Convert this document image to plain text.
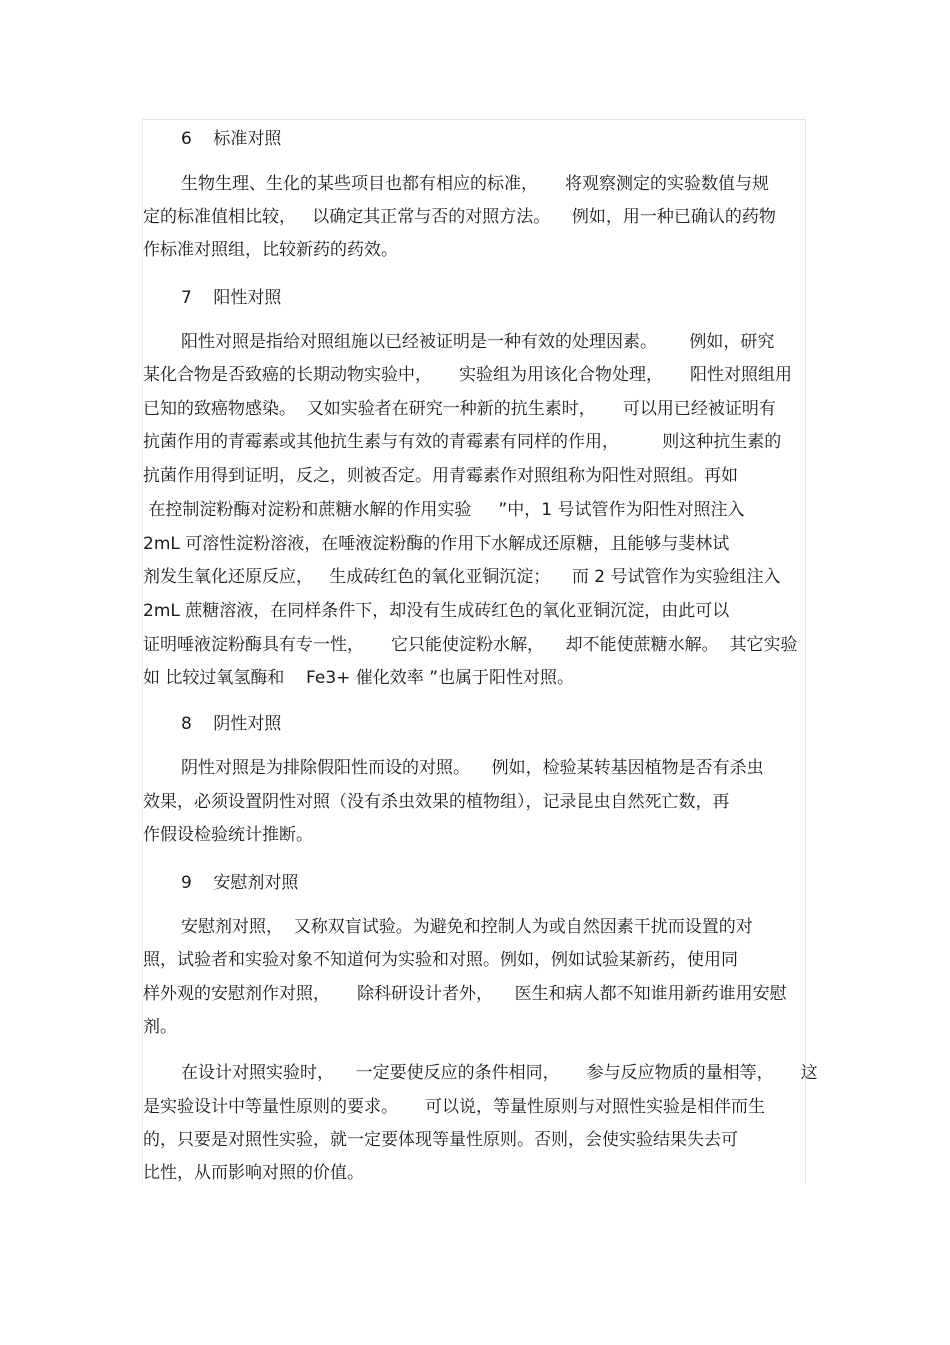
6    标准对照
生物生理、生化的某些项目也都有相应的标准，     将观察测定的实验数值与规
定的标准值相比较，   以确定其正常与否的对照方法。    例如，用一种已确认的药物
作标准对照组，比较新药的药效。
7    阳性对照
阳性对照是指给对照组施以已经被证明是一种有效的处理因素。      例如，研究
某化合物是否致癌的长期动物实验中，     实验组为用该化合物处理，     阳性对照组用
已知的致癌物感染。  又如实验者在研究一种新的抗生素时，     可以用已经被证明有
抗菌作用的青霉素或其他抗生素与有效的青霉素有同样的作用，        则这种抗生素的
抗菌作用得到证明，反之，则被否定。用青霉素作对照组称为阳性对照组。再如
在控制淀粉酶对淀粉和蔗糖水解的作用实验     ”中，1 号试管作为阳性对照注入
2mL 可溶性淀粉溶液，在唾液淀粉酶的作用下水解成还原糖，且能够与斐林试
剂发生氧化还原反应，   生成砖红色的氧化亚铜沉淀；    而 2 号试管作为实验组注入
2mL 蔗糖溶液，在同样条件下，却没有生成砖红色的氧化亚铜沉淀，由此可以
证明唾液淀粉酶具有专一性，     它只能使淀粉水解，    却不能使蔗糖水解。  其它实验
如 比较过氧氢酶和    Fe3+ 催化效率 ”也属于阳性对照。
8    阴性对照
阴性对照是为排除假阳性而设的对照。    例如，检验某转基因植物是否有杀虫
效果，必须设置阴性对照（没有杀虫效果的植物组），记录昆虫自然死亡数，再
作假设检验统计推断。
9    安慰剂对照
安慰剂对照，  又称双盲试验。为避免和控制人为或自然因素干扰而设置的对
照，试验者和实验对象不知道何为实验和对照。例如，例如试验某新药，使用同
样外观的安慰剂作对照，     除科研设计者外，    医生和病人都不知谁用新药谁用安慰
剂。
在设计对照实验时，    一定要使反应的条件相同，     参与反应物质的量相等，     这
是实验设计中等量性原则的要求。     可以说，等量性原则与对照性实验是相伴而生
的，只要是对照性实验，就一定要体现等量性原则。否则，会使实验结果失去可
比性，从而影响对照的价值。
